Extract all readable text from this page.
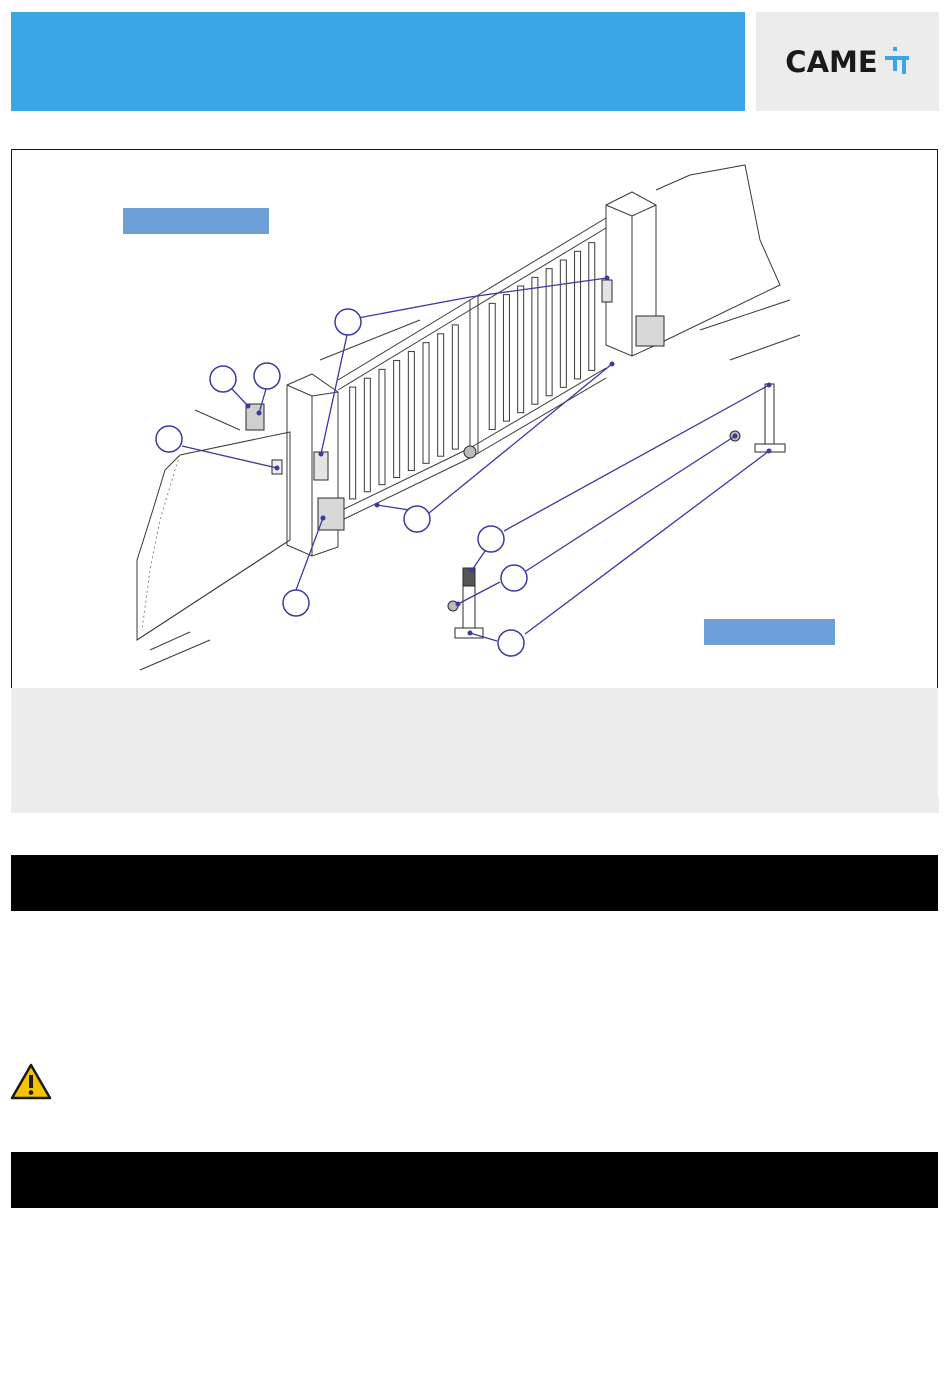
CAME
